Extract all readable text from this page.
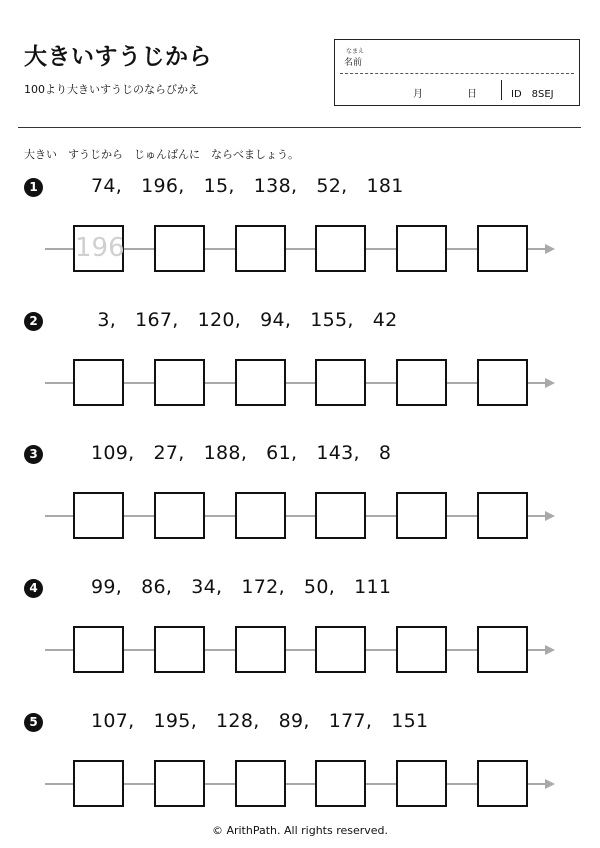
大きいすうじから
100より大きいすうじのならびかえ
なまえ
名前
月	日	ID　8SEJ
大きい　すうじから　じゅんばんに　ならべましょう。
1	74,   196,   15,   138,   52,   181
196
2	3,   167,   120,   94,   155,   42
3	109,   27,   188,   61,   143,   8
4	99,   86,   34,   172,   50,   111
5	107,   195,   128,   89,   177,   151
© ArithPath. All rights reserved.
